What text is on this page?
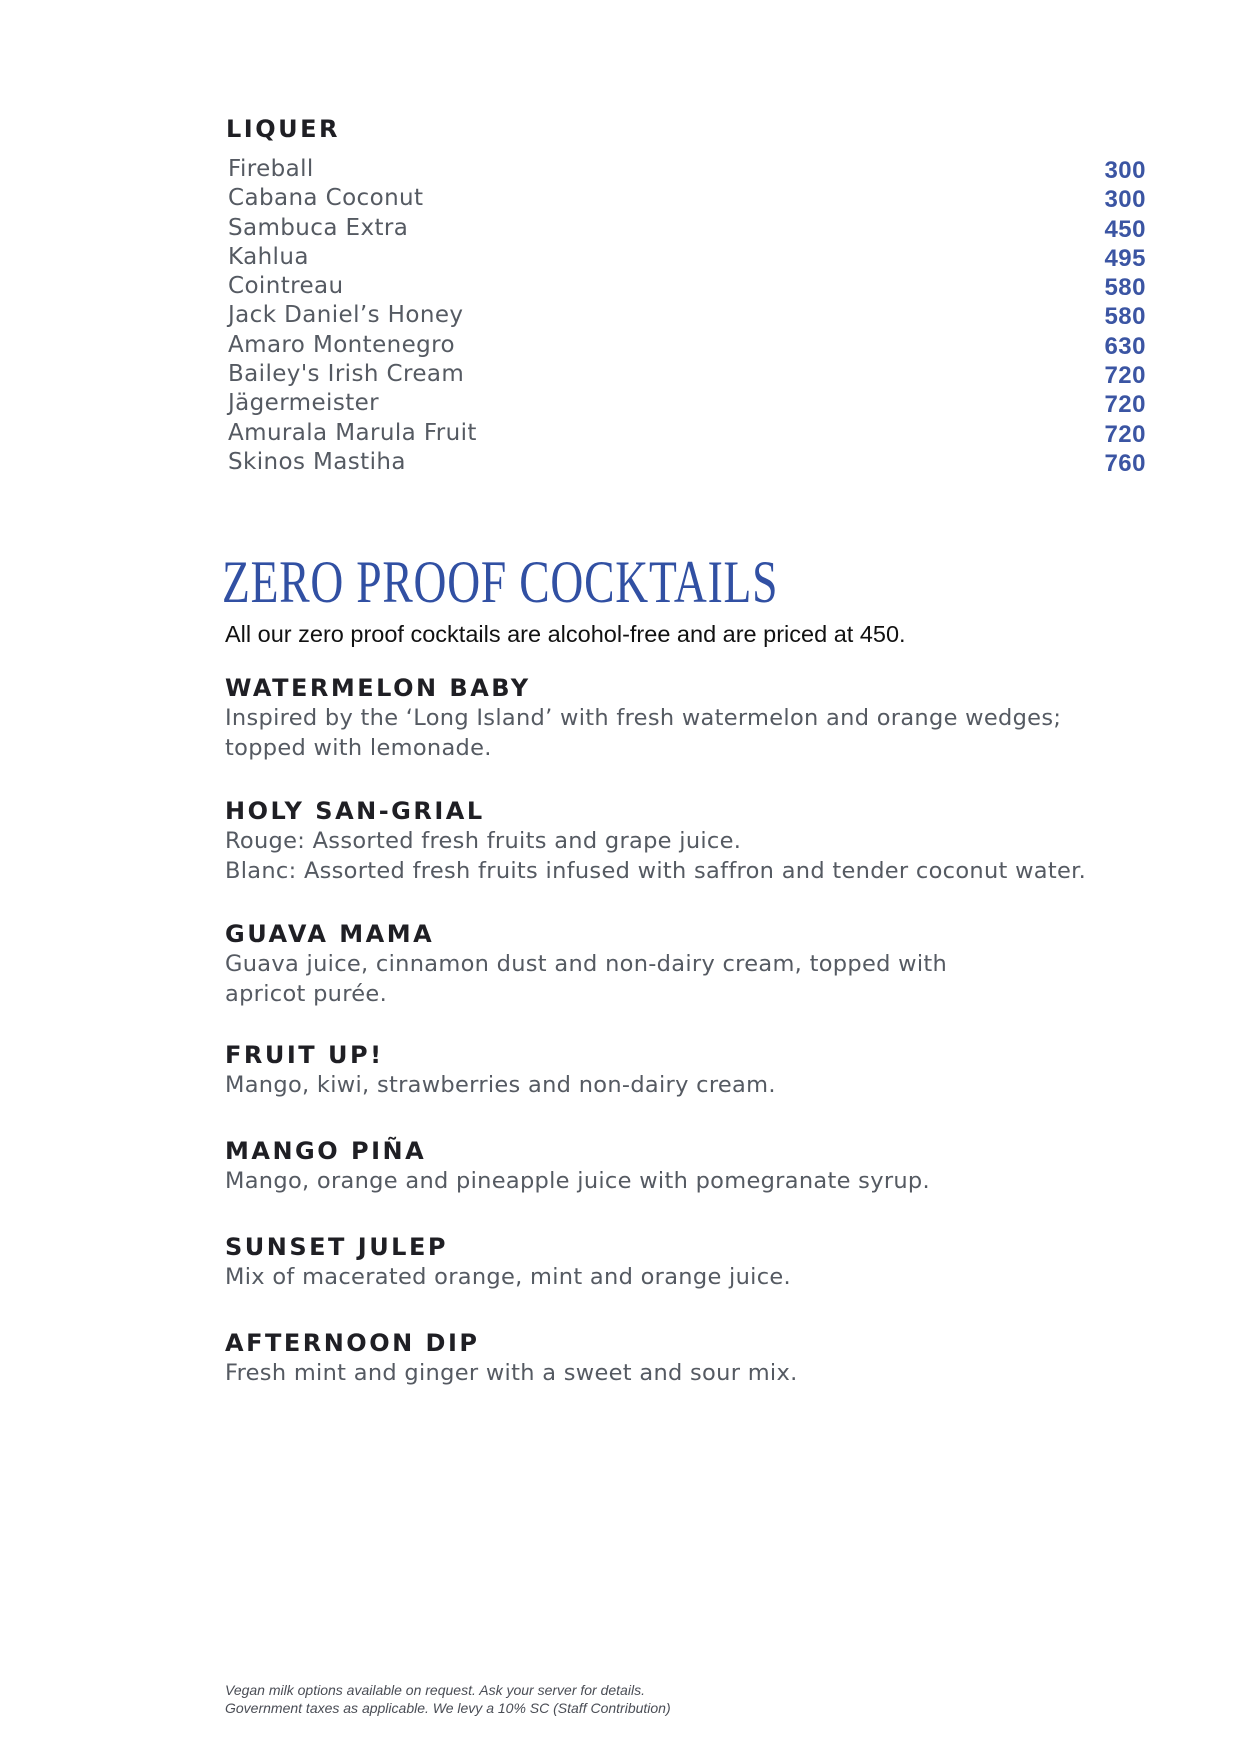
LIQUER
Fireball	300
Cabana Coconut	300
Sambuca Extra	450
Kahlua	495
Cointreau	580
Jack Daniel’s Honey	580
Amaro Montenegro	630
Bailey's Irish Cream	720
Jägermeister	720
Amurala Marula Fruit	720
Skinos Mastiha	760
ZERO PROOF COCKTAILS
All our zero proof cocktails are alcohol-free and are priced at 450.
WATERMELON BABY
Inspired by the ‘Long Island’ with fresh watermelon and orange wedges;
topped with lemonade.
HOLY SAN-GRIAL
Rouge: Assorted fresh fruits and grape juice.
Blanc: Assorted fresh fruits infused with saffron and tender coconut water.
GUAVA MAMA
Guava juice, cinnamon dust and non-dairy cream, topped with
apricot purée.
FRUIT UP!
Mango, kiwi, strawberries and non-dairy cream.
MANGO PIÑA
Mango, orange and pineapple juice with pomegranate syrup.
SUNSET JULEP
Mix of macerated orange, mint and orange juice.
AFTERNOON DIP
Fresh mint and ginger with a sweet and sour mix.
Vegan milk options available on request. Ask your server for details.
Government taxes as applicable. We levy a 10% SC (Staff Contribution)
